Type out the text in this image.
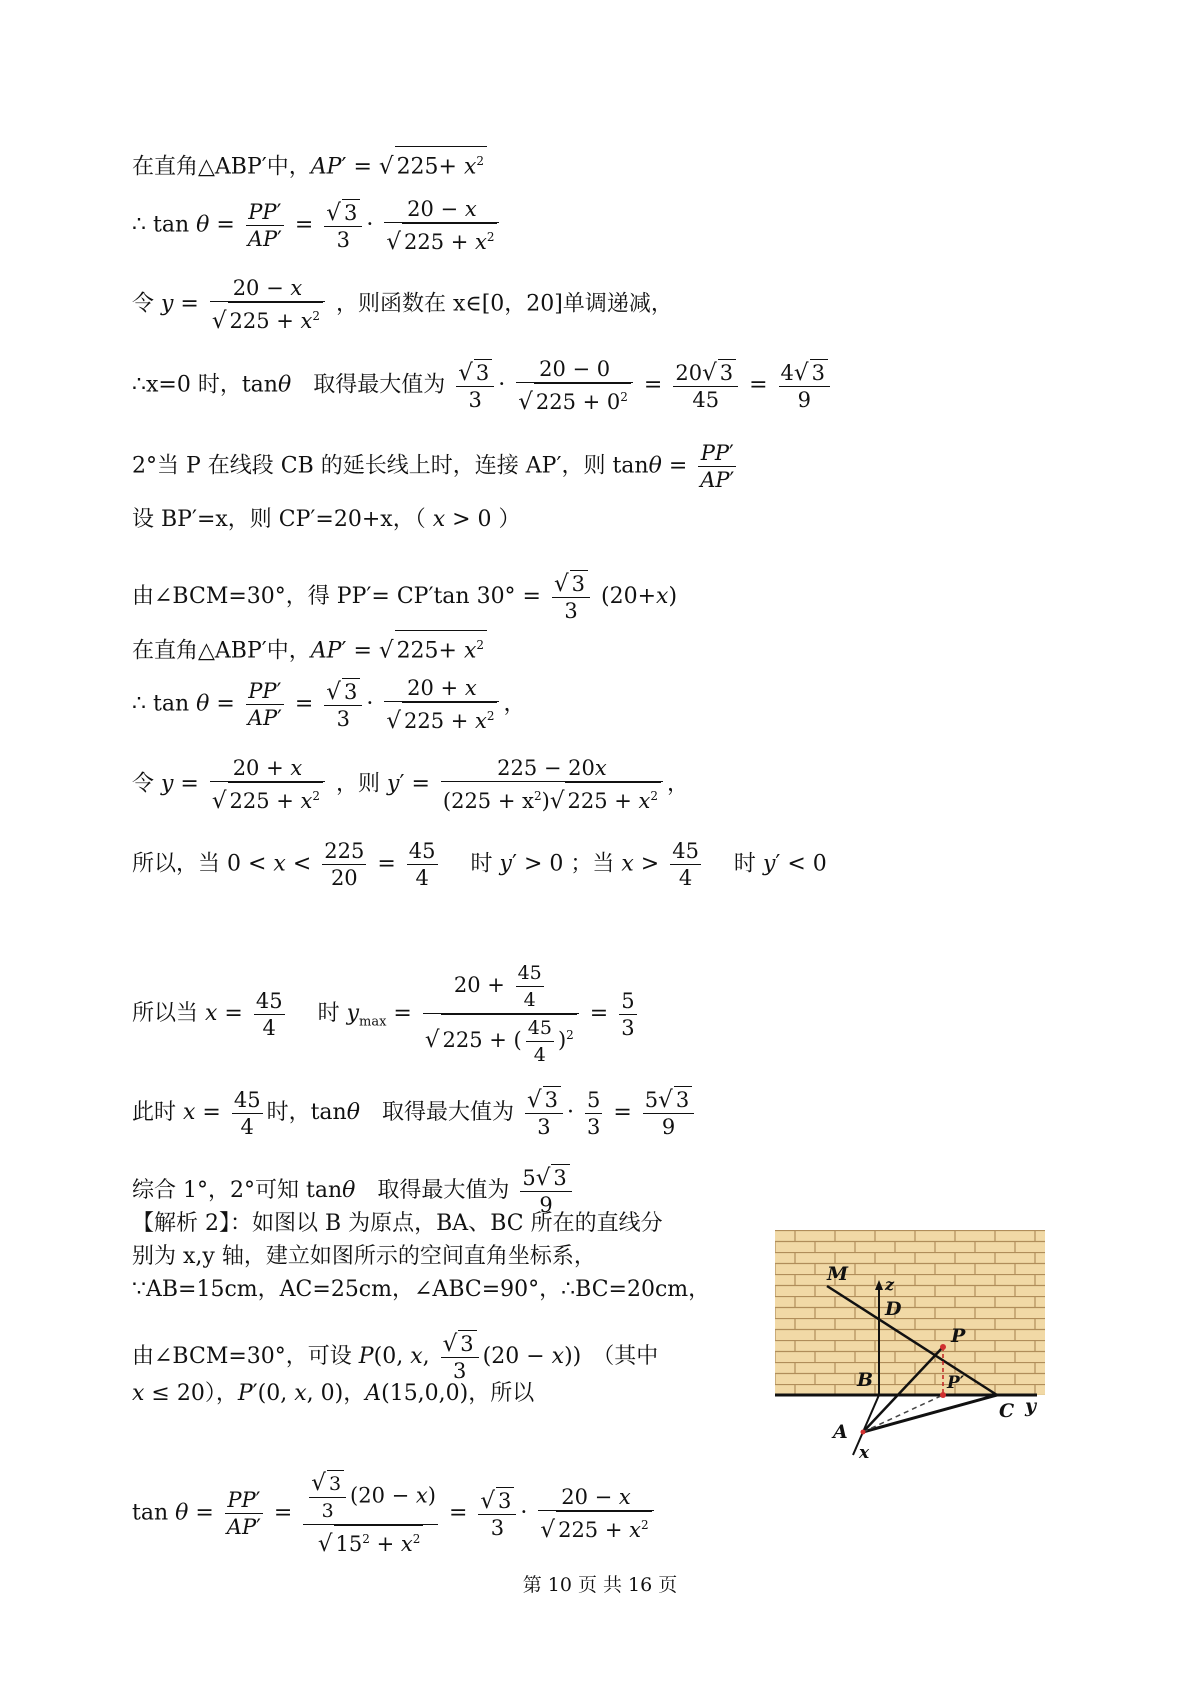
在直角△ABP′中，AP′ = √ $225+ x^2$
∴ $\tan \theta = \frac{PP'}{AP'} = \frac{√ 3}{3} \cdot \frac{20 - x}{√ 225 + x^2}$
令 $y = \frac{20 - x}{√ 225 + x^2}$ ，则函数在 x∈[0，20]单调递减，
∴x=0 时，tanθ　取得最大值为 $\frac{√ 3}{3} \cdot \frac{20 - 0}{√ 225 + 0^2} = \frac{20√ 3}{45} = \frac{4√ 3}{9}$
2°当 P 在线段 CB 的延长线上时，连接 AP′，则 $\tan\theta = \frac{PP'}{AP'}$
设 BP′=x，则 CP′=20+x，（ x > 0 ）
由∠BCM=30°，得 PP′= CP′tan $30^\circ = \frac{√ 3}{3} (20+x)$
在直角△ABP′中，AP′ = √ $225+ x^2$
∴ $\tan \theta = \frac{PP'}{AP'} = \frac{√ 3}{3} \cdot \frac{20 + x}{√ 225 + x^2}$ ，
令 $y = \frac{20 + x}{√ 225 + x^2}$ ，则 $y' = \frac{225 - 20x}{(225 + x^2)√ 225 + x^2}$ ，
所以，当 $0 < x < \frac{225}{20} = \frac{45}{4}$ 　时 y′ > 0 ；当 $x > \frac{45}{4}$ 　时 y′ < 0
所以当 $x = \frac{45}{4}$ 　时 $y_{max} = \frac{20 + \frac{45}{4}}{√ 225 + ( \frac{45}{4} )^2} = \frac{5}{3}$
此时 $x = \frac{45}{4}$ 时，tanθ　取得最大值为 $\frac{√ 3}{3} \cdot \frac{5}{3} = \frac{5√ 3}{9}$
综合 1°，2°可知 tanθ　取得最大值为 $\frac{5√ 3}{9}$
【解析 2】：如图以 B 为原点，BA、BC 所在的直线分
别为 x,y 轴，建立如图所示的空间直角坐标系，
∵AB=15cm，AC=25cm，∠ABC=90°，∴BC=20cm，
由∠BCM=30°，可设 P(0, x, $\frac{√ 3}{3} (20 - x)$)　（其中
x ≤ 20），P′(0, x, 0)，A(15,0,0)，所以
$\tan \theta = \frac{PP'}{AP'} = \frac{\frac{√ 3}{3} (20 - x)}{√ 15^2 + x^2} = \frac{√ 3}{3} \cdot \frac{20 - x}{√ 225 + x^2}$
M z
D
P
B	P′
C y
A
x
第 10 页 共 16 页
